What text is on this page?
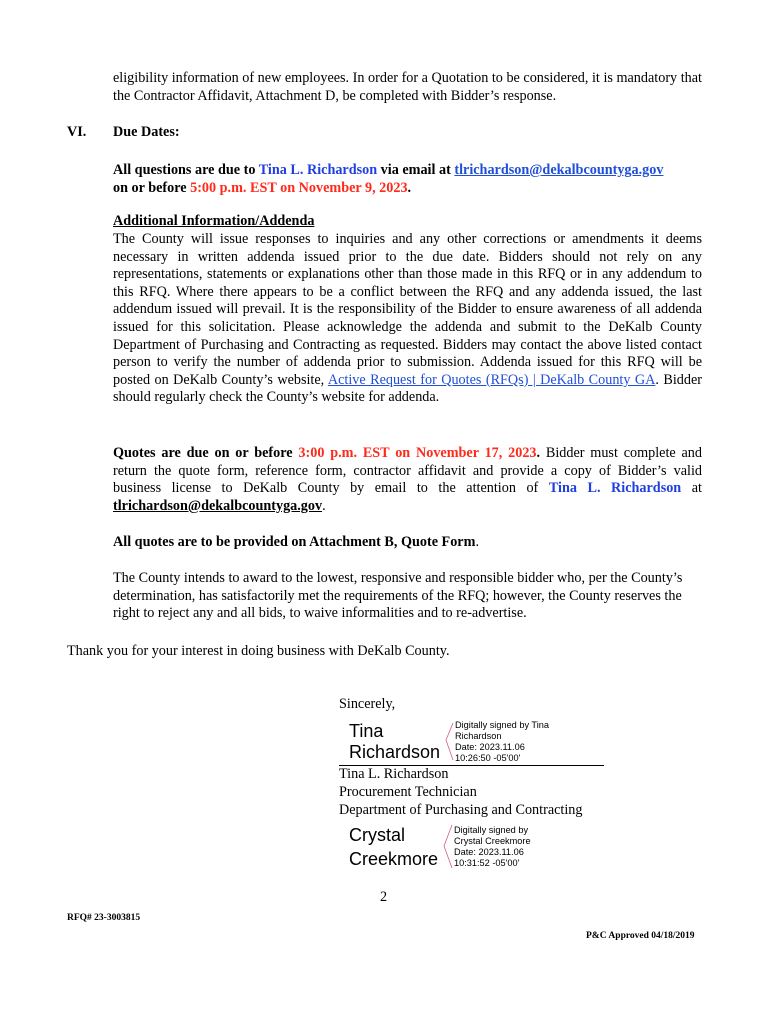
eligibility information of new employees. In order for a Quotation to be considered, it is mandatory that the Contractor Affidavit, Attachment D, be completed with Bidder’s response.
VI. Due Dates:
All questions are due to Tina L. Richardson via email at tlrichardson@dekalbcountyga.gov
on or before 5:00 p.m. EST on November 9, 2023.
Additional Information/Addenda
The County will issue responses to inquiries and any other corrections or amendments it deems necessary in written addenda issued prior to the due date. Bidders should not rely on any representations, statements or explanations other than those made in this RFQ or in any addendum to this RFQ. Where there appears to be a conflict between the RFQ and any addenda issued, the last addendum issued will prevail. It is the responsibility of the Bidder to ensure awareness of all addenda issued for this solicitation. Please acknowledge the addenda and submit to the DeKalb County Department of Purchasing and Contracting as requested. Bidders may contact the above listed contact person to verify the number of addenda prior to submission. Addenda issued for this RFQ will be posted on DeKalb County’s website, Active Request for Quotes (RFQs) | DeKalb County GA. Bidder should regularly check the County’s website for addenda.
Quotes are due on or before 3:00 p.m. EST on November 17, 2023. Bidder must complete and return the quote form, reference form, contractor affidavit and provide a copy of Bidder’s valid business license to DeKalb County by email to the attention of Tina L. Richardson at tlrichardson@dekalbcountyga.gov.
All quotes are to be provided on Attachment B, Quote Form.
The County intends to award to the lowest, responsive and responsible bidder who, per the County’s determination, has satisfactorily met the requirements of the RFQ; however, the County reserves the right to reject any and all bids, to waive informalities and to re-advertise.
Thank you for your interest in doing business with DeKalb County.
Sincerely,
Tina
Richardson
Digitally signed by Tina
Richardson
Date: 2023.11.06
10:26:50 -05'00'
Tina L. Richardson
Procurement Technician
Department of Purchasing and Contracting
Crystal
Creekmore
Digitally signed by
Crystal Creekmore
Date: 2023.11.06
10:31:52 -05'00'
2
RFQ# 23-3003815
P&C Approved 04/18/2019
